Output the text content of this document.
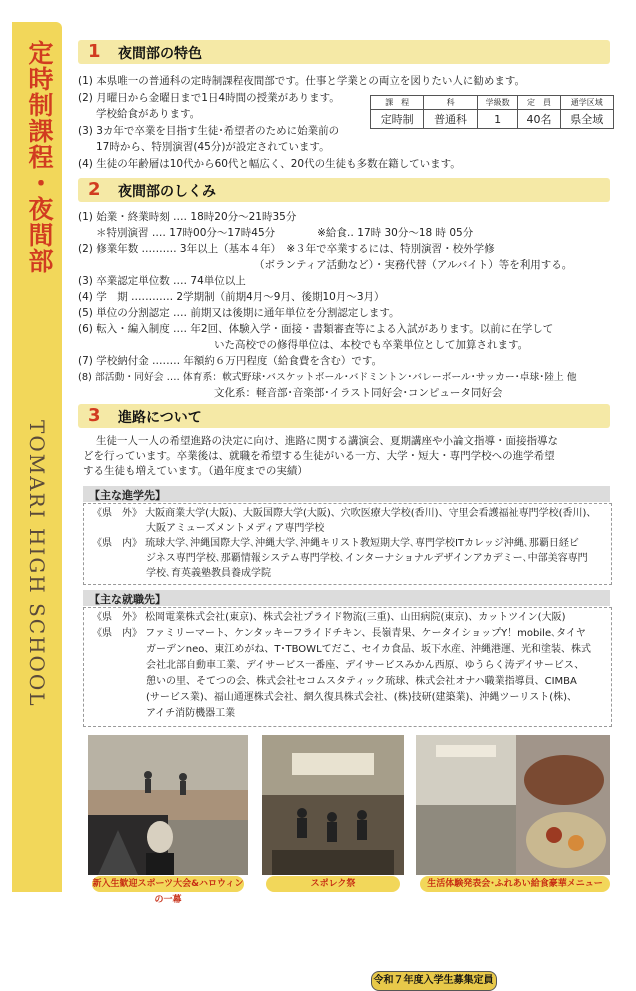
定時制課程・夜間部
TOMARI HIGH SCHOOL
1 夜間部の特色
(1) 本県唯一の普通科の定時制課程夜間部です。仕事と学業との両立を図りたい人に勧めます。
(2) 月曜日から金曜日まで1日4時間の授業があります。
学校給食があります。
(3) 3カ年で卒業を目指す生徒･希望者のために始業前の
17時から、特別演習(45分)が設定されています。
(4) 生徒の年齢層は10代から60代と幅広く、20代の生徒も多数在籍しています。
令和７年度入学生募集定員

課　程	科	学級数	定　員	通学区域
定時制	普通科	1	40名	県全域
2 夜間部のしくみ
(1) 始業・終業時刻 ‥‥ 18時20分～21時35分
＊特別演習 ‥‥ 17時00分～17時45分　　　　※給食‥ 17時 30分～18 時 05分
(2) 修業年数 ‥‥‥‥‥ 3年以上（基本４年）　※３年で卒業するには、特別演習・校外学修
（ボランティア活動など）・実務代替（アルバイト）等を利用する。
(3) 卒業認定単位数 ‥‥ 74単位以上
(4) 学　期 ‥‥‥‥‥‥ 2学期制（前期4月～9月、後期10月～3月）
(5) 単位の分割認定 ‥‥ 前期又は後期に通年単位を分割認定します。
(6) 転入・編入制度 ‥‥ 年2回、体験入学・面接・書類審査等による入試があります。以前に在学して
いた高校での修得単位は、本校でも卒業単位として加算されます。
(7) 学校納付金 ‥‥‥‥ 年額約６万円程度（給食費を含む）です。
(8) 部活動・同好会 ‥‥ 体育系：軟式野球･バスケットボール･バドミントン･バレーボール･サッカー･卓球･陸上 他
文化系：軽音部･音楽部･イラスト同好会･コンピュータ同好会
3 進路について
生徒一人一人の希望進路の決定に向け、進路に関する講演会、夏期講座や小論文指導・面接指導な
どを行っています。卒業後は、就職を希望する生徒がいる一方、大学・短大・専門学校への進学希望
する生徒も増えています。（過年度までの実績）
【主な進学先】
《県　外》 大阪商業大学(大阪)、大阪国際大学(大阪)、穴吹医療大学校(香川)、守里会看護福祉専門学校(香川)、
大阪アミューズメントメディア専門学校
《県　内》 琉球大学､沖縄国際大学､沖縄大学､沖縄キリスト教短期大学､専門学校ITカレッジ沖縄､那覇日経ビ
ジネス専門学校､那覇情報システム専門学校､インターナショナルデザインアカデミー､中部美容専門
学校､育英義塾教員養成学院
【主な就職先】
《県　外》 松岡電業株式会社(東京)、株式会社プライド物流(三重)、山田病院(東京)、カットツイン(大阪)
《県　内》 ファミリーマート、ケンタッキーフライドチキン、長嶺青果、ケータイショップY！mobile､タイヤ
ガーデンneo、東江めがね、T･TBOWLてだこ、セイカ食品、坂下水産、沖縄港運、光和塗装、株式
会社北部自動車工業、デイサービス一番座、デイサービスみかん西原、ゆうらく涛デイサービス、
憩いの里、そてつの会、株式会社セコムスタティック琉球、株式会社オナハ職業指導員、CIMBA
(サービス業)、福山通運株式会社、網久復具株式会社、(株)技研(建築業)、沖縄ツーリスト(株)、
アイチ消防機器工業
新入生歓迎スポーツ大会&ハロウィンの一幕
スポレク祭	生活体験発表会･ふれあい給食豪華メニュー
